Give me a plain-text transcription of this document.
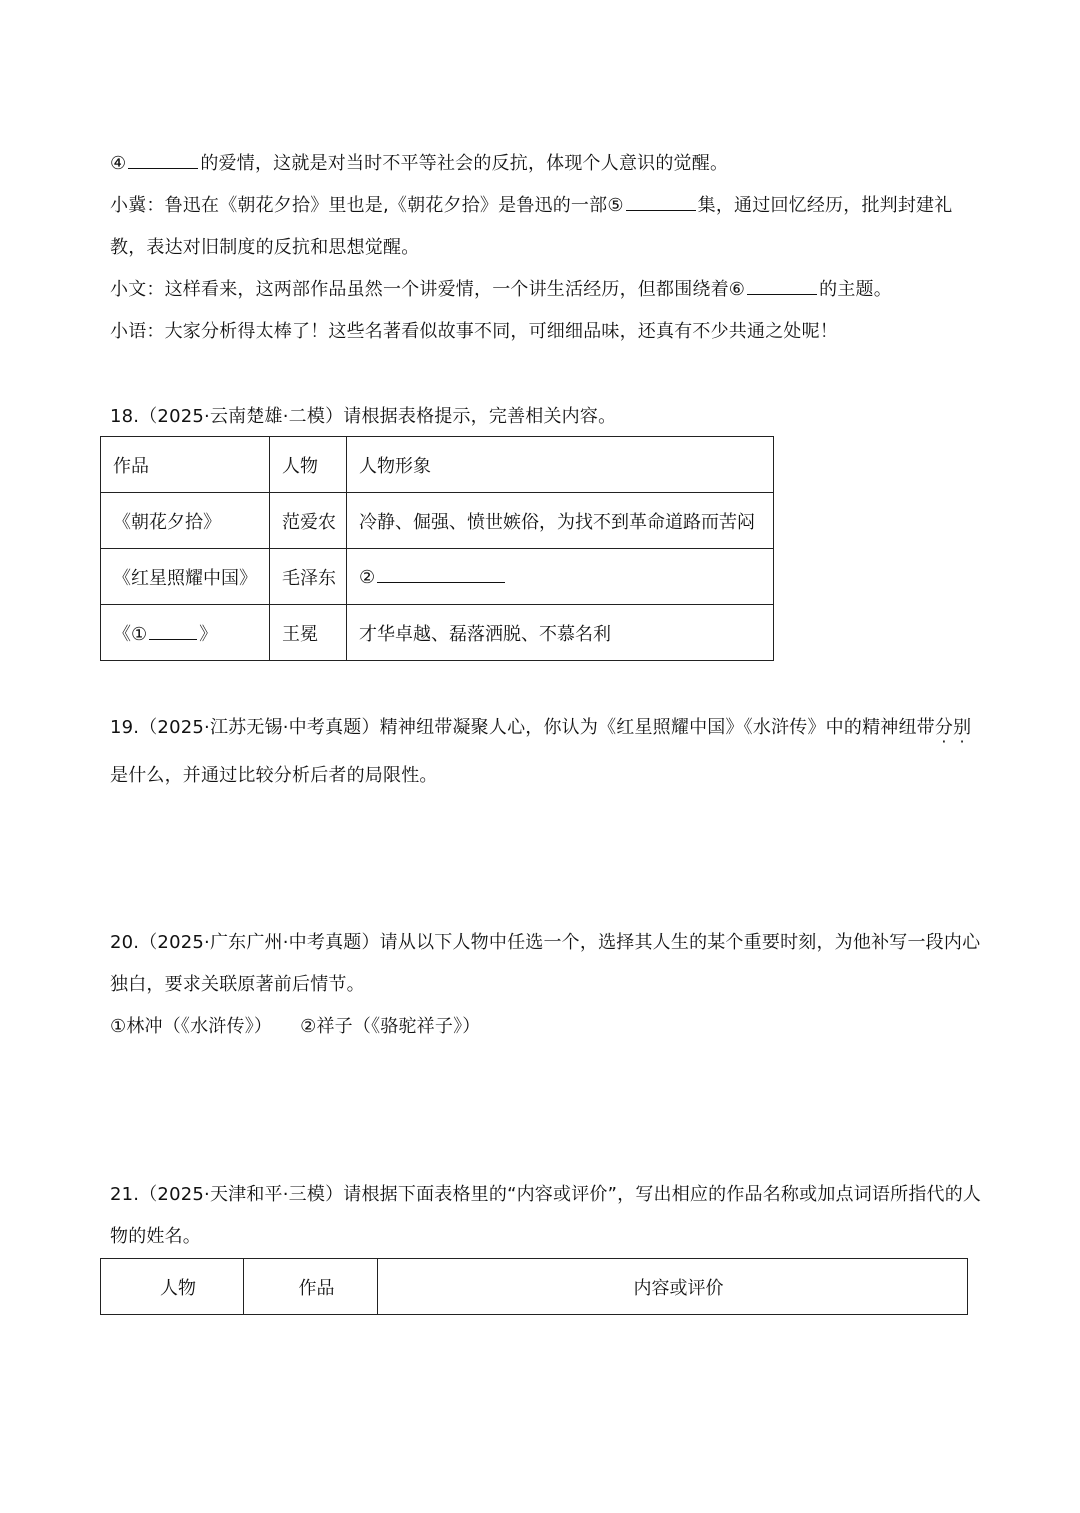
④	的爱情，这就是对当时不平等社会的反抗，体现个人意识的觉醒。
小冀：鲁迅在《朝花夕拾》里也是,《朝花夕拾》是鲁迅的一部⑤	集，通过回忆经历，批判封建礼
教，表达对旧制度的反抗和思想觉醒。
小文：这样看来，这两部作品虽然一个讲爱情，一个讲生活经历，但都围绕着⑥	的主题。
小语：大家分析得太棒了！这些名著看似故事不同，可细细品味，还真有不少共通之处呢！
18.（2025·云南楚雄·二模）请根据表格提示，完善相关内容。
作品	人物	人物形象
《朝花夕拾》	范爱农	冷静、倔强、愤世嫉俗，为找不到革命道路而苦闷
《红星照耀中国》	毛泽东	②
《① 》	王冕	才华卓越、磊落洒脱、不慕名利
19.（2025·江苏无锡·中考真题）精神纽带凝聚人心，你认为《红星照耀中国》《水浒传》中的精神纽带分别
是什么，并通过比较分析后者的局限性。
20.（2025·广东广州·中考真题）请从以下人物中任选一个，选择其人生的某个重要时刻，为他补写一段内心
独白，要求关联原著前后情节。
①林冲（《水浒传》） ②祥子（《骆驼祥子》）
21.（2025·天津和平·三模）请根据下面表格里的“内容或评价”，写出相应的作品名称或加点词语所指代的人
物的姓名。
人物	作品	内容或评价
